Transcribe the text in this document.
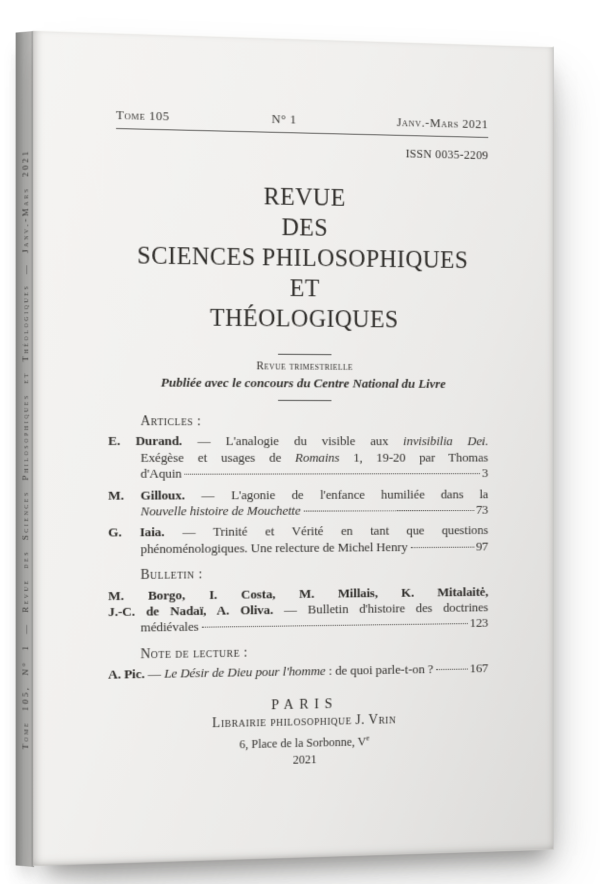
Tome 105, N° 1 — Revue des Sciences Philosophiques et Théologiques — Janv.-Mars 2021
Tome 105	N° 1	Janv.-Mars 2021
ISSN 0035-2209
REVUE
DES
SCIENCES PHILOSOPHIQUES
ET
THÉOLOGIQUES
Revue trimestrielle
Publiée avec le concours du Centre National du Livre
Articles :
E. Durand. — L'analogie du visible aux invisibilia Dei.
Exégèse et usages de Romains 1, 19-20 par Thomas
d'Aquin	3
M. Gilloux. — L'agonie de l'enfance humiliée dans la
Nouvelle histoire de Mouchette	73
G. Iaia. — Trinité et Vérité en tant que questions
phénoménologiques. Une relecture de Michel Henry	97
Bulletin :
M. Borgo, I. Costa, M. Millais, K. Mitalaitė,
J.-C. de Nadaï, A. Oliva. — Bulletin d'histoire des doctrines
médiévales	123
Note de lecture :
A. Pic. — Le Désir de Dieu pour l'homme : de quoi parle-t-on ?	167
PARIS
Librairie philosophique J. Vrin
6, Place de la Sorbonne, Ve
2021
